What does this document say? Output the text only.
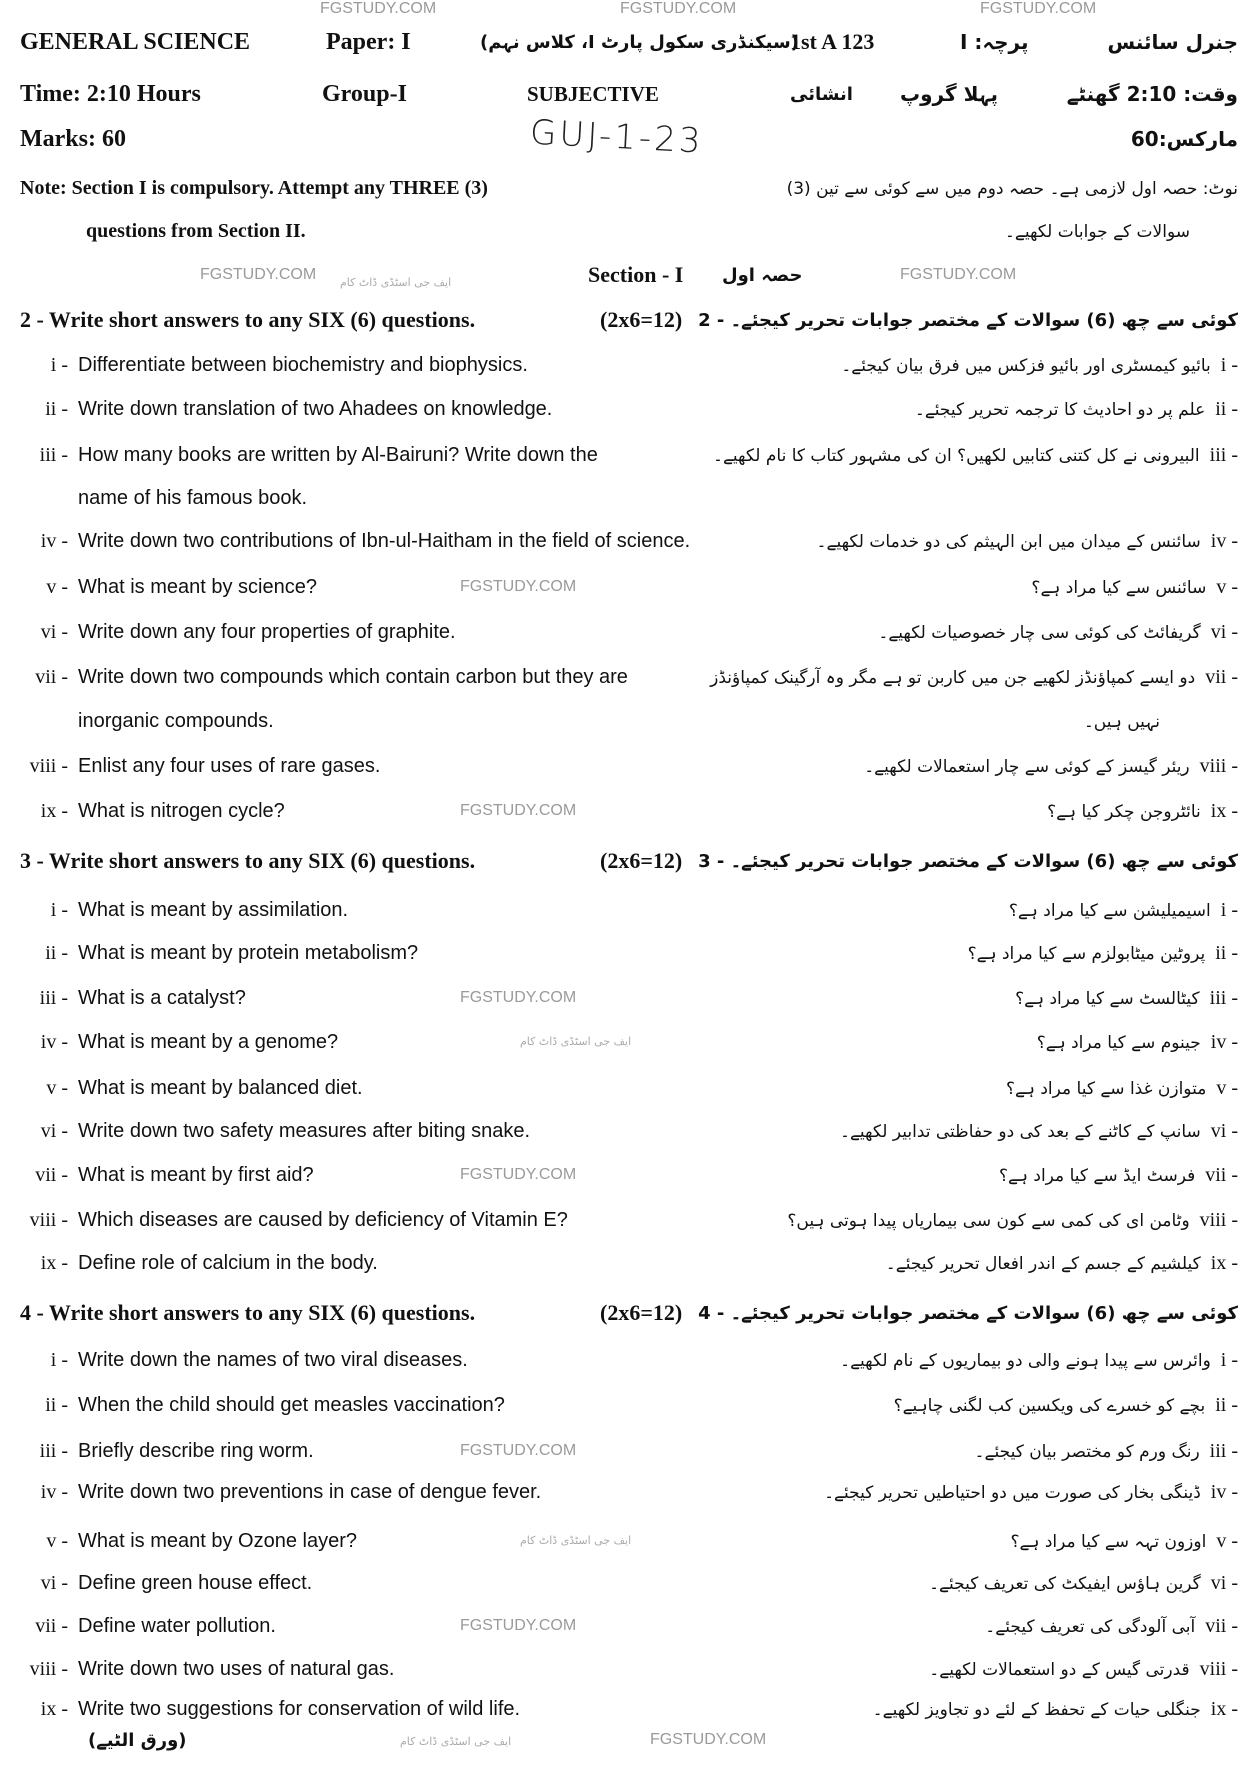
FGSTUDY.COM	FGSTUDY.COM	FGSTUDY.COM
FGSTUDY.COM	FGSTUDY.COM
FGSTUDY.COM
FGSTUDY.COM
FGSTUDY.COM
FGSTUDY.COM
FGSTUDY.COM
FGSTUDY.COM
FGSTUDY.COM
ایف جی اسٹڈی ڈاٹ کام
ایف جی اسٹڈی ڈاٹ کام
ایف جی اسٹڈی ڈاٹ کام
ایف جی اسٹڈی ڈاٹ کام
GUJ-1-23
GENERAL SCIENCE	Paper: I	(سیکنڈری سکول پارٹ I، کلاس نہم)
1st A 123	پرچہ: I	جنرل سائنس
Time: 2:10 Hours	Group-I	SUBJECTIVE	انشائی پہلا گروپ	وقت: 2:10 گھنٹے
Marks: 60	مارکس:60
Note: Section I is compulsory. Attempt any THREE (3)	نوٹ: حصہ اول لازمی ہے۔ حصہ دوم میں سے کوئی سے تین (3)
questions from Section II.	سوالات کے جوابات لکھیے۔
Section - I حصہ اول
2 - Write short answers to any SIX (6) questions.	(2x6=12) کوئی سے چھ (6) سوالات کے مختصر جوابات تحریر کیجئے۔ - 2
i - Differentiate between biochemistry and biophysics.	i -
بائیو کیمسٹری اور بائیو فزکس میں فرق بیان کیجئے۔
ii - Write down translation of two Ahadees on knowledge.	ii -
علم پر دو احادیث کا ترجمہ تحریر کیجئے۔
iii - How many books are written by Al-Bairuni? Write down the	iii -
البیرونی نے کل کتنی کتابیں لکھیں؟ ان کی مشہور کتاب کا نام لکھیے۔
name of his famous book.
iv - Write down two contributions of Ibn-ul-Haitham in the field of science.	iv -
سائنس کے میدان میں ابن الہیثم کی دو خدمات لکھیے۔
v - What is meant by science?	v -
سائنس سے کیا مراد ہے؟
vi - Write down any four properties of graphite.	vi -
گریفائٹ کی کوئی سی چار خصوصیات لکھیے۔
vii - Write down two compounds which contain carbon but they are	vii -
دو ایسے کمپاؤنڈز لکھیے جن میں کاربن تو ہے مگر وہ آرگینک کمپاؤنڈز
inorganic compounds.	نہیں ہیں۔
viii - Enlist any four uses of rare gases.	viii -
ریئر گیسز کے کوئی سے چار استعمالات لکھیے۔
ix - What is nitrogen cycle?	ix -
نائٹروجن چکر کیا ہے؟
3 - Write short answers to any SIX (6) questions.	(2x6=12) کوئی سے چھ (6) سوالات کے مختصر جوابات تحریر کیجئے۔ - 3
i - What is meant by assimilation.	i -
اسیمیلیشن سے کیا مراد ہے؟
ii - What is meant by protein metabolism?	ii -
پروٹین میٹابولزم سے کیا مراد ہے؟
iii - What is a catalyst?	iii -
کیٹالسٹ سے کیا مراد ہے؟
iv - What is meant by a genome?	iv -
جینوم سے کیا مراد ہے؟
v - What is meant by balanced diet.	v -
متوازن غذا سے کیا مراد ہے؟
vi - Write down two safety measures after biting snake.	vi -
سانپ کے کاٹنے کے بعد کی دو حفاظتی تدابیر لکھیے۔
vii - What is meant by first aid?	vii -
فرسٹ ایڈ سے کیا مراد ہے؟
viii - Which diseases are caused by deficiency of Vitamin E?	viii -
وٹامن ای کی کمی سے کون سی بیماریاں پیدا ہوتی ہیں؟
ix - Define role of calcium in the body.	ix -
کیلشیم کے جسم کے اندر افعال تحریر کیجئے۔
4 - Write short answers to any SIX (6) questions.	(2x6=12) کوئی سے چھ (6) سوالات کے مختصر جوابات تحریر کیجئے۔ - 4
i - Write down the names of two viral diseases.	i -
وائرس سے پیدا ہونے والی دو بیماریوں کے نام لکھیے۔
ii - When the child should get measles vaccination?	ii -
بچے کو خسرے کی ویکسین کب لگنی چاہیے؟
iii - Briefly describe ring worm.	iii -
رنگ ورم کو مختصر بیان کیجئے۔
iv - Write down two preventions in case of dengue fever.	iv -
ڈینگی بخار کی صورت میں دو احتیاطیں تحریر کیجئے۔
v - What is meant by Ozone layer?	v -
اوزون تہہ سے کیا مراد ہے؟
vi - Define green house effect.	vi -
گرین ہاؤس ایفیکٹ کی تعریف کیجئے۔
vii - Define water pollution.	vii -
آبی آلودگی کی تعریف کیجئے۔
viii - Write down two uses of natural gas.	viii -
قدرتی گیس کے دو استعمالات لکھیے۔
ix - Write two suggestions for conservation of wild life.	ix -
جنگلی حیات کے تحفظ کے لئے دو تجاویز لکھیے۔
(ورق الٹیے)
